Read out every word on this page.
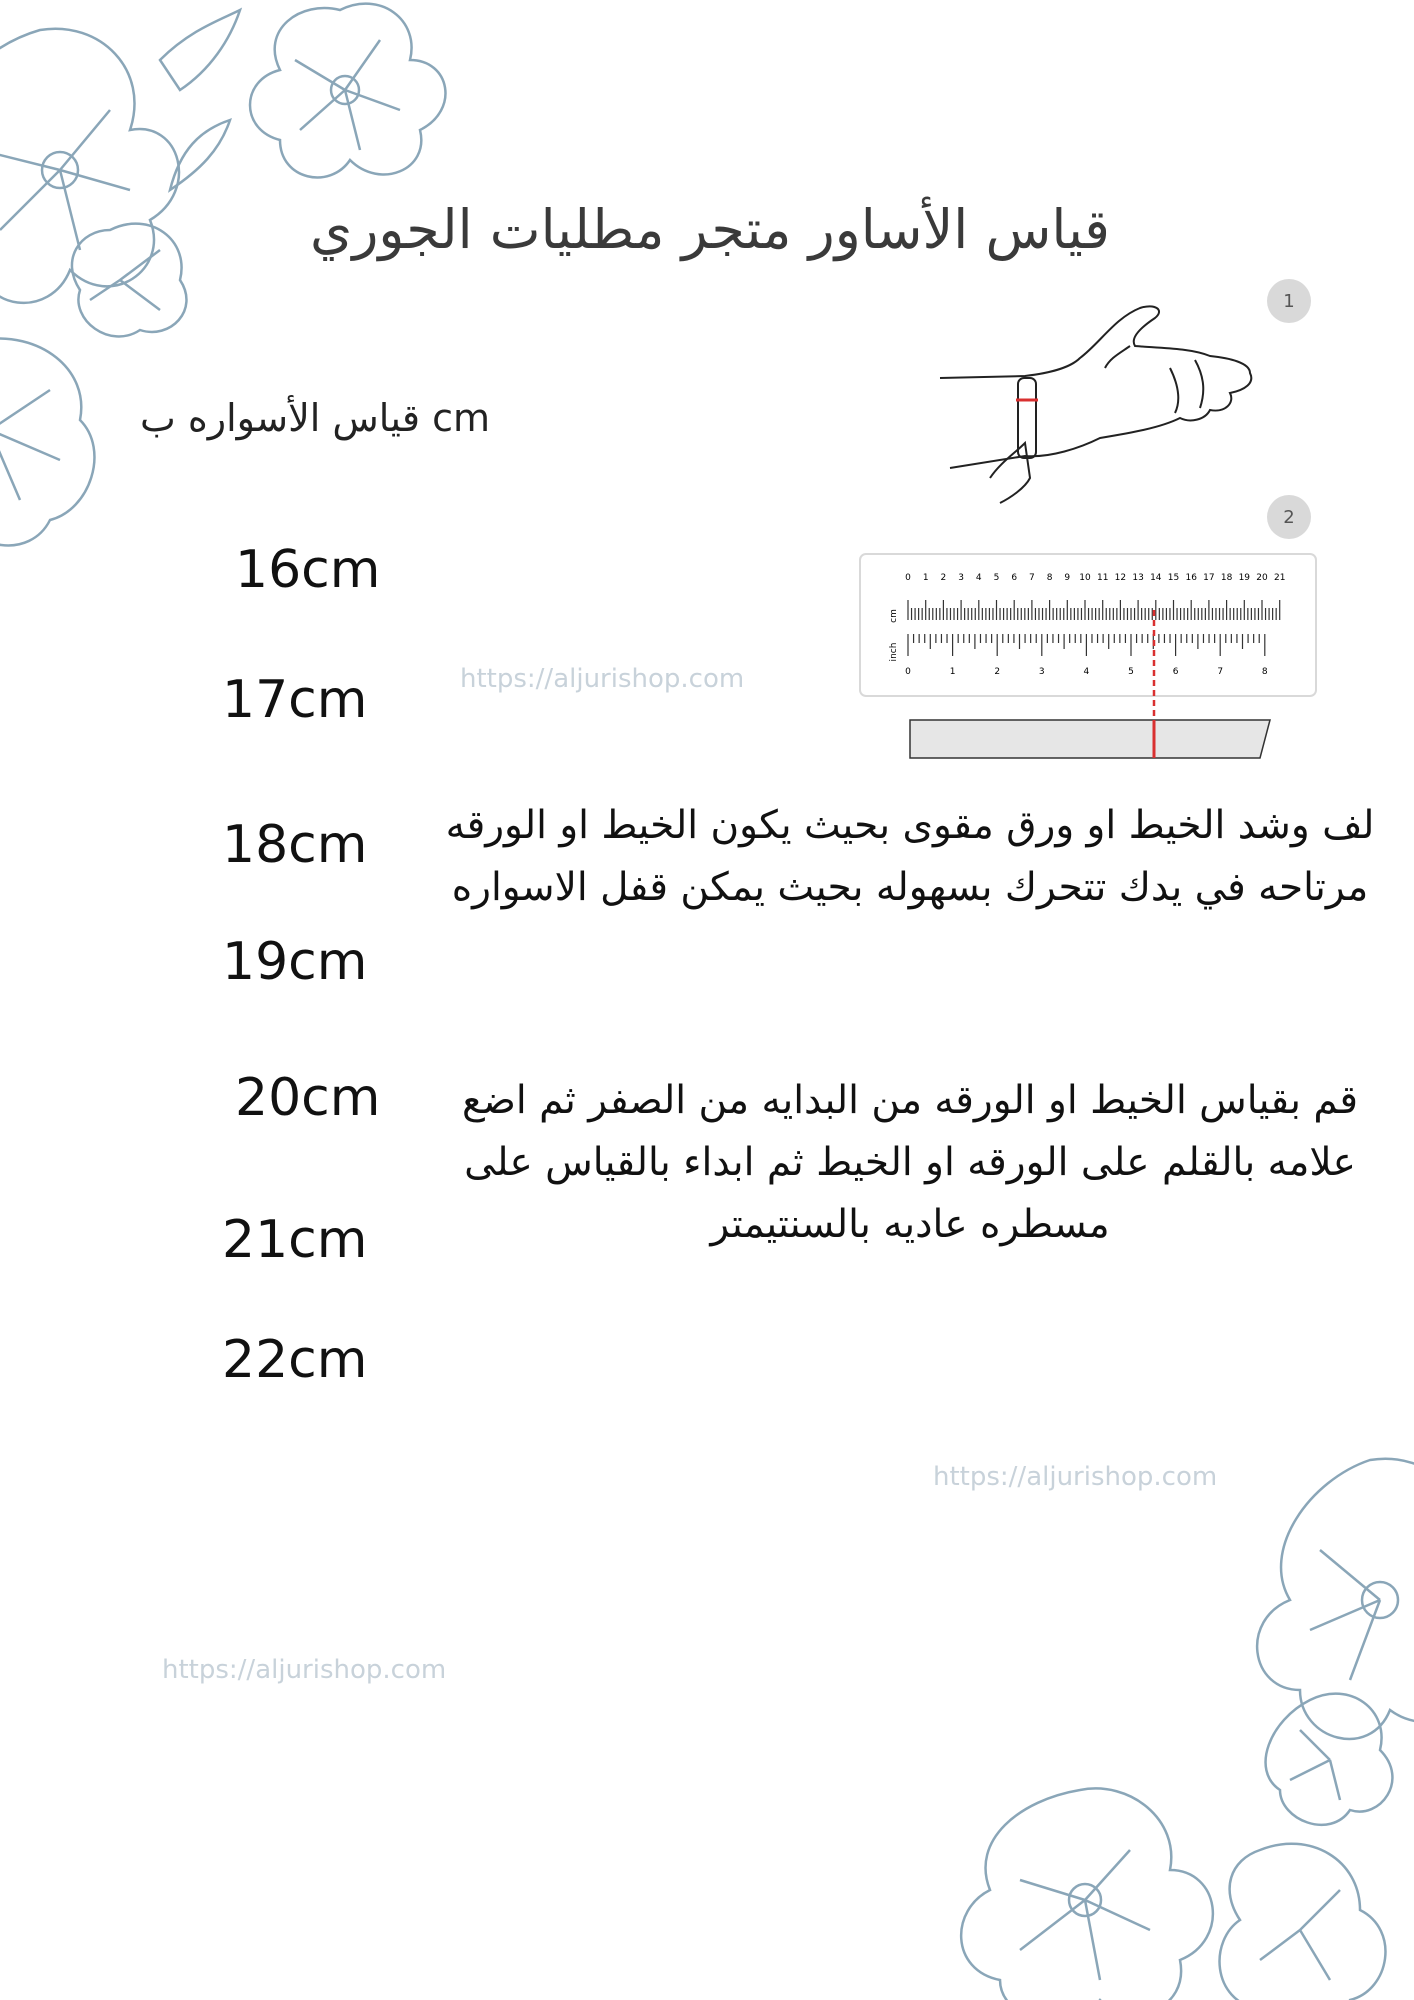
قياس الأساور متجر مطليات الجوري
قياس الأسواره ب cm
16cm
17cm
18cm
19cm
20cm
21cm
22cm
1
2
cm
inch
0 1 2 3 4 5 6 7 8 9 10 11 12 13 14 15 16 17 18 19 20 21
0	1	2	3	4	5	6	7	8
لف وشد الخيط او ورق مقوى بحيث يكون الخيط او الورقه مرتاحه في يدك تتحرك بسهوله بحيث يمكن قفل الاسواره
قم بقياس الخيط او الورقه من البدايه من الصفر ثم اضع علامه بالقلم على الورقه او الخيط ثم ابداء بالقياس على مسطره عاديه بالسنتيمتر
https://aljurishop.com
https://aljurishop.com
https://aljurishop.com
